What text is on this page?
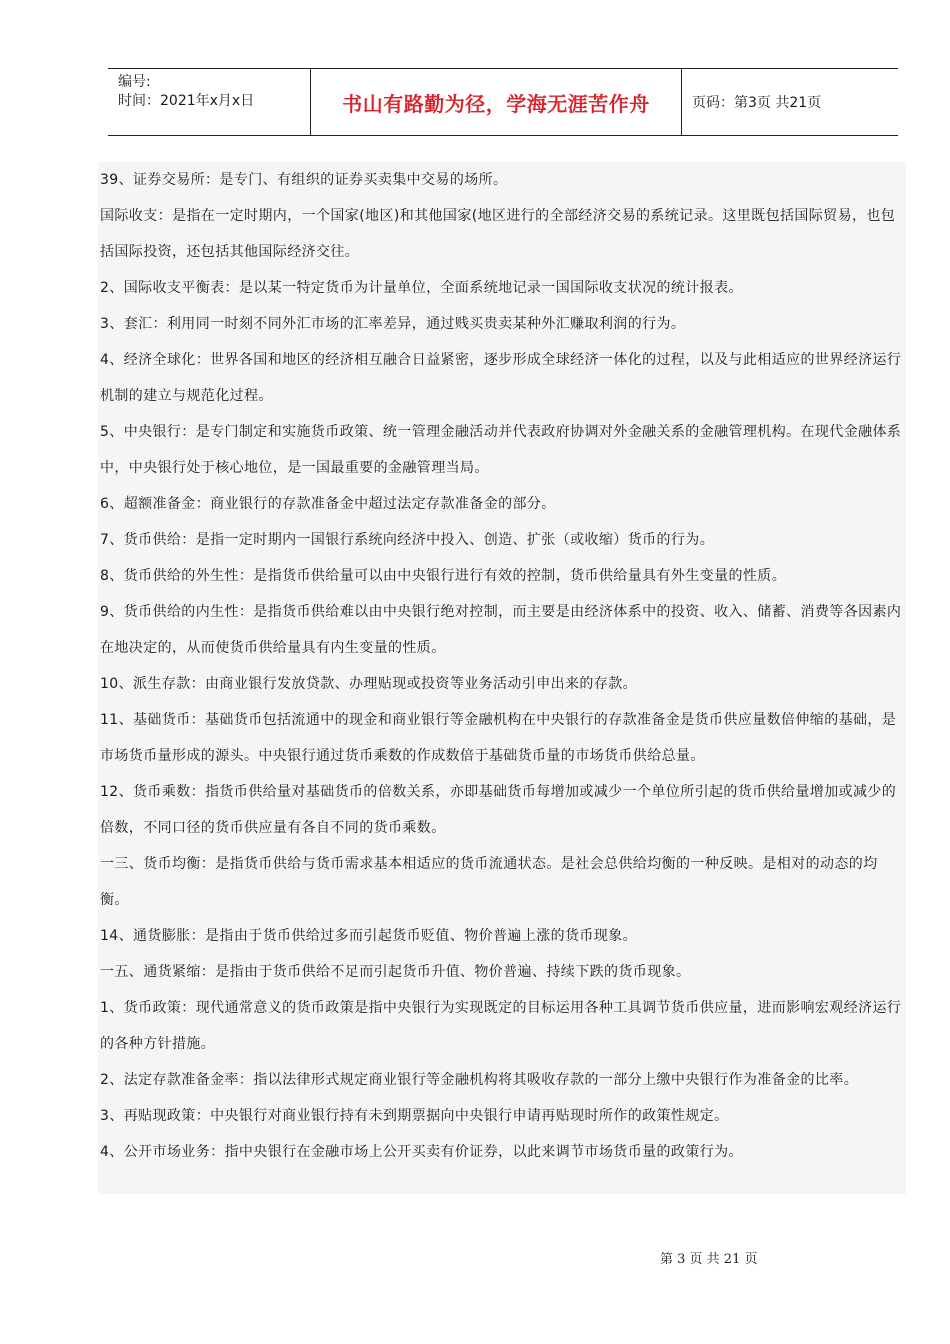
编号:
时间：2021年x月x日	书山有路勤为径，学海无涯苦作舟	页码：第3页 共21页

39、证券交易所：是专门、有组织的证券买卖集中交易的场所。

国际收支：是指在一定时期内，一个国家(地区)和其他国家(地区进行的全部经济交易的系统记录。这里既包括国际贸易，也包括国际投资，还包括其他国际经济交往。

2、国际收支平衡表：是以某一特定货币为计量单位，全面系统地记录一国国际收支状况的统计报表。

3、套汇：利用同一时刻不同外汇市场的汇率差异，通过贱买贵卖某种外汇赚取利润的行为。

4、经济全球化：世界各国和地区的经济相互融合日益紧密，逐步形成全球经济一体化的过程，以及与此相适应的世界经济运行机制的建立与规范化过程。

5、中央银行：是专门制定和实施货币政策、统一管理金融活动并代表政府协调对外金融关系的金融管理机构。在现代金融体系中，中央银行处于核心地位，是一国最重要的金融管理当局。

6、超额准备金：商业银行的存款准备金中超过法定存款准备金的部分。

7、货币供给：是指一定时期内一国银行系统向经济中投入、创造、扩张（或收缩）货币的行为。

8、货币供给的外生性：是指货币供给量可以由中央银行进行有效的控制，货币供给量具有外生变量的性质。

9、货币供给的内生性：是指货币供给难以由中央银行绝对控制，而主要是由经济体系中的投资、收入、储蓄、消费等各因素内在地决定的，从而使货币供给量具有内生变量的性质。

10、派生存款：由商业银行发放贷款、办理贴现或投资等业务活动引申出来的存款。

11、基础货币：基础货币包括流通中的现金和商业银行等金融机构在中央银行的存款准备金是货币供应量数倍伸缩的基础，是市场货币量形成的源头。中央银行通过货币乘数的作成数倍于基础货币量的市场货币供给总量。

12、货币乘数：指货币供给量对基础货币的倍数关系，亦即基础货币每增加或减少一个单位所引起的货币供给量增加或减少的倍数，不同口径的货币供应量有各自不同的货币乘数。

一三、货币均衡：是指货币供给与货币需求基本相适应的货币流通状态。是社会总供给均衡的一种反映。是相对的动态的均衡。

14、通货膨胀：是指由于货币供给过多而引起货币贬值、物价普遍上涨的货币现象。

一五、通货紧缩：是指由于货币供给不足而引起货币升值、物价普遍、持续下跌的货币现象。

1、货币政策：现代通常意义的货币政策是指中央银行为实现既定的目标运用各种工具调节货币供应量，进而影响宏观经济运行的各种方针措施。

2、法定存款准备金率：指以法律形式规定商业银行等金融机构将其吸收存款的一部分上缴中央银行作为准备金的比率。

3、再贴现政策：中央银行对商业银行持有未到期票据向中央银行申请再贴现时所作的政策性规定。

4、公开市场业务：指中央银行在金融市场上公开买卖有价证券，以此来调节市场货币量的政策行为。

第 3 页 共 21 页
